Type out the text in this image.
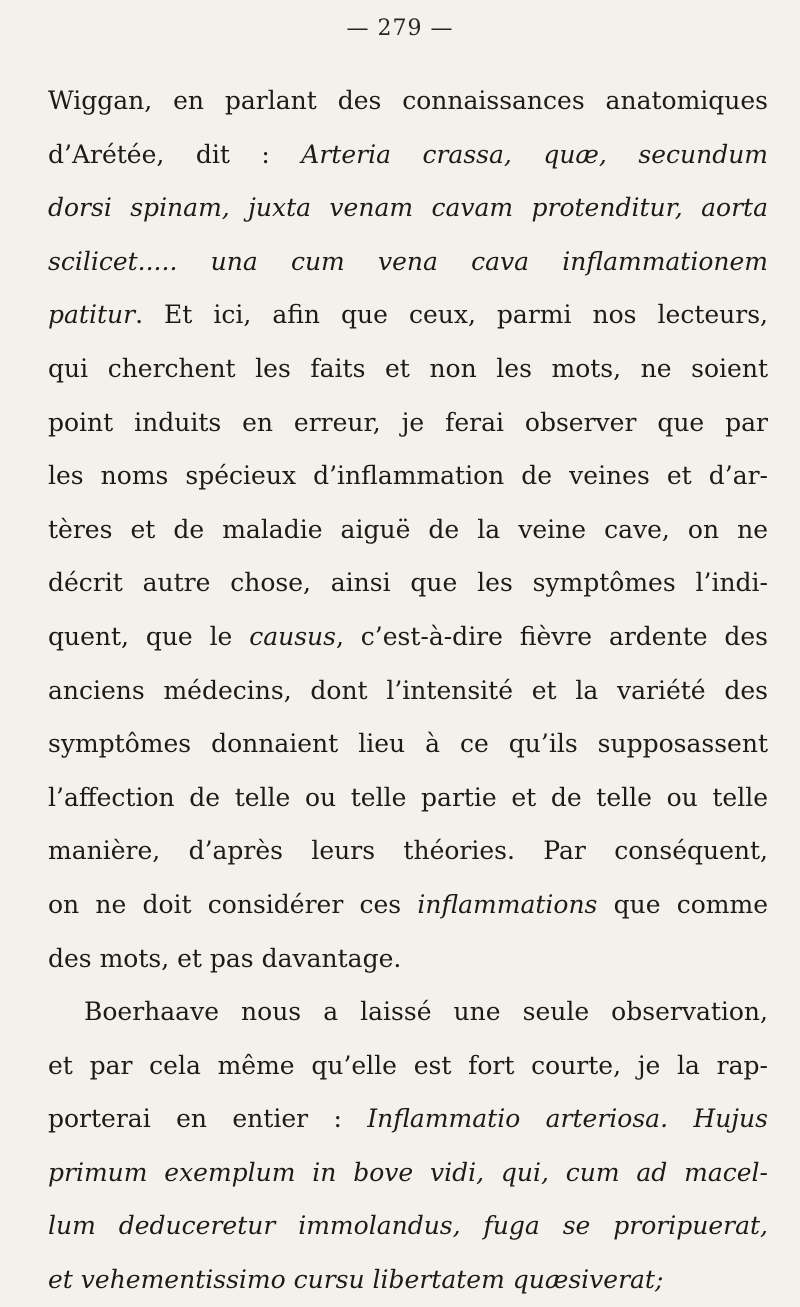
— 279 —
Wiggan, en parlant des connaissances anatomiques
d’Arétée, dit : Arteria crassa, quæ, secundum
dorsi spinam, juxta venam cavam protenditur, aorta
scilicet..... una cum vena cava inflammationem
patitur. Et ici, afin que ceux, parmi nos lecteurs,
qui cherchent les faits et non les mots, ne soient
point induits en erreur, je ferai observer que par
les noms spécieux d’inflammation de veines et d’ar-
tères et de maladie aiguë de la veine cave, on ne
décrit autre chose, ainsi que les symptômes l’indi-
quent, que le causus, c’est-à-dire fièvre ardente des
anciens médecins, dont l’intensité et la variété des
symptômes donnaient lieu à ce qu’ils supposassent
l’affection de telle ou telle partie et de telle ou telle
manière, d’après leurs théories. Par conséquent,
on ne doit considérer ces inflammations que comme
des mots, et pas davantage.
Boerhaave nous a laissé une seule observation,
et par cela même qu’elle est fort courte, je la rap-
porterai en entier : Inflammatio arteriosa. Hujus
primum exemplum in bove vidi, qui, cum ad macel-
lum deduceretur immolandus, fuga se proripuerat,
et vehementissimo cursu libertatem quæsiverat;
